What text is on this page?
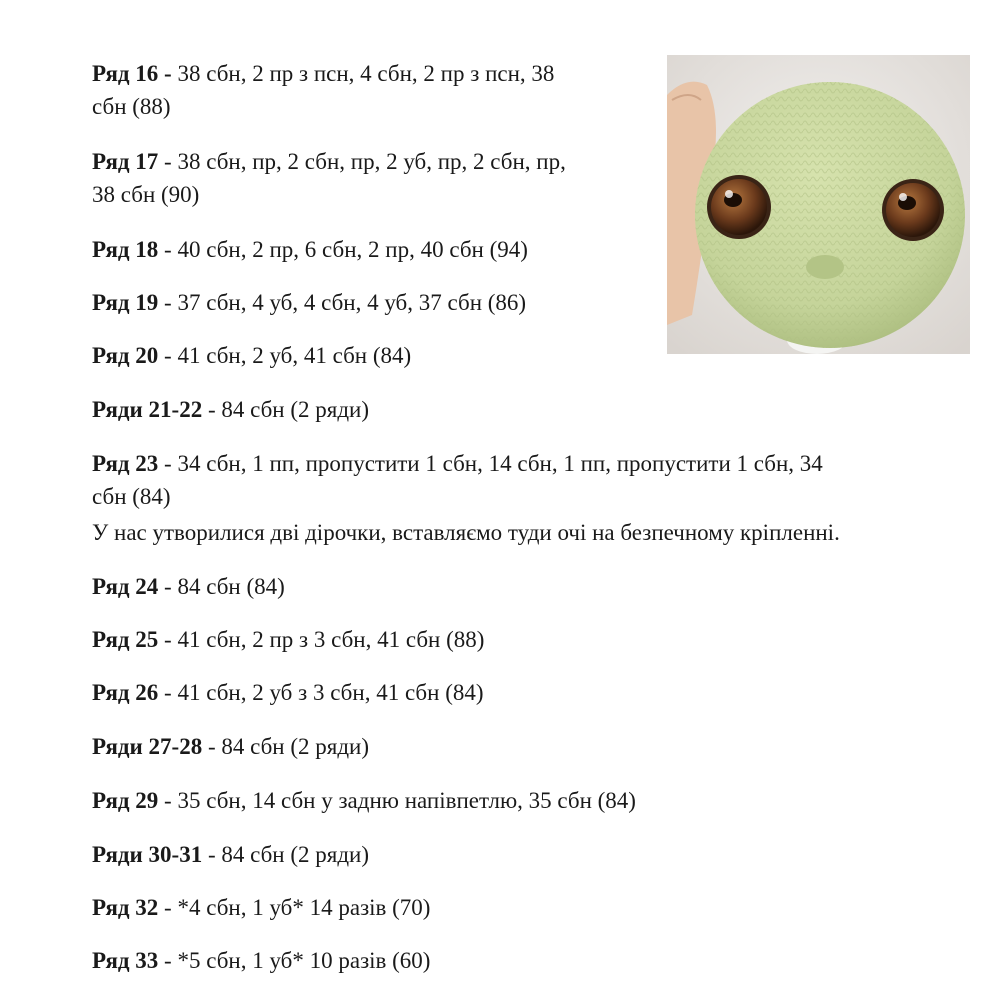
Ряд 16 - 38 сбн, 2 пр з псн, 4 сбн, 2 пр з псн, 38
сбн (88)
Ряд 17 - 38 сбн, пр, 2 сбн, пр, 2 уб, пр, 2 сбн, пр,
38 сбн (90)
Ряд 18 - 40 сбн, 2 пр, 6 сбн, 2 пр, 40 сбн (94)
Ряд 19 - 37 сбн, 4 уб, 4 сбн, 4 уб, 37 сбн (86)
Ряд 20 - 41 сбн, 2 уб, 41 сбн (84)
Ряди 21-22 - 84 сбн (2 ряди)
Ряд 23 - 34 сбн, 1 пп, пропустити 1 сбн, 14 сбн, 1 пп, пропустити 1 сбн, 34
сбн (84)
У нас утворилися дві дірочки, вставляємо туди очі на безпечному кріпленні.
Ряд 24 - 84 сбн (84)
Ряд 25 - 41 сбн, 2 пр з 3 сбн, 41 сбн (88)
Ряд 26 - 41 сбн, 2 уб з 3 сбн, 41 сбн (84)
Ряди 27-28 - 84 сбн (2 ряди)
Ряд 29 - 35 сбн, 14 сбн у задню напівпетлю, 35 сбн (84)
Ряди 30-31 - 84 сбн (2 ряди)
Ряд 32 - *4 сбн, 1 уб* 14 разів (70)
Ряд 33 - *5 сбн, 1 уб* 10 разів (60)
